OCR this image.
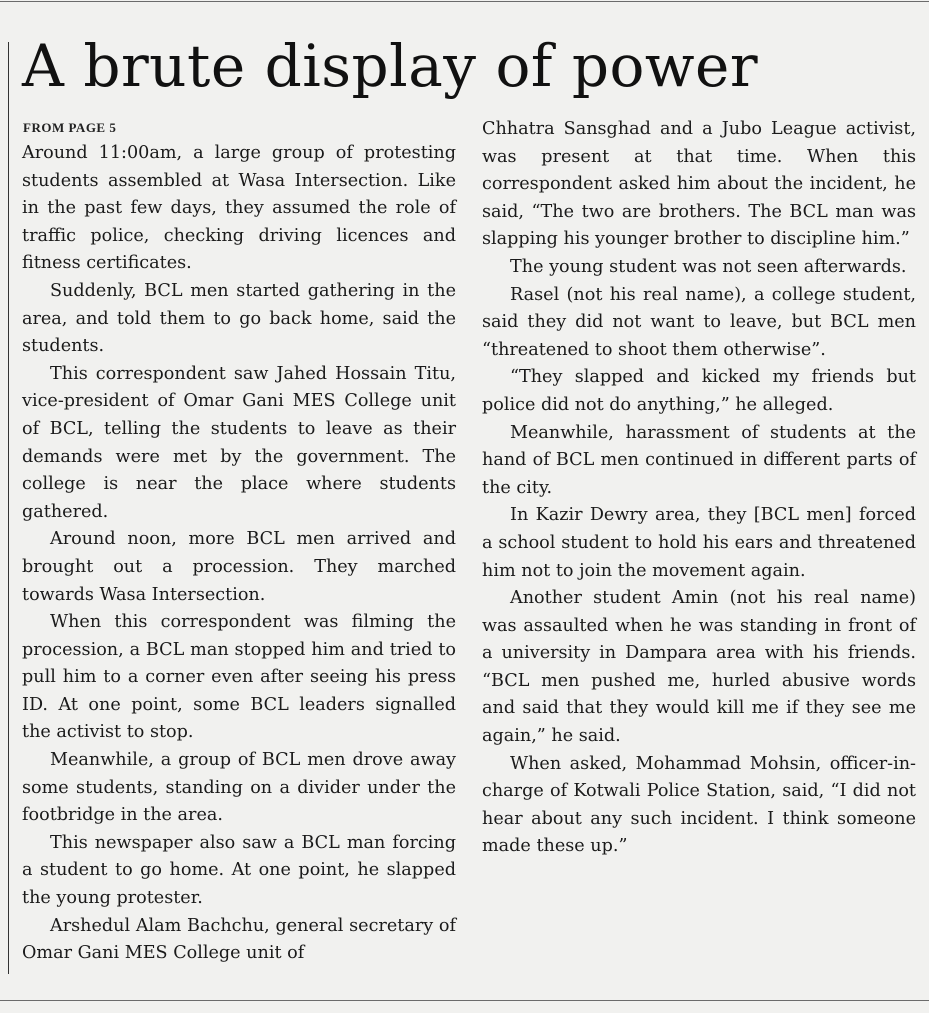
A brute display of power
FROM PAGE 5

Around 11:00am, a large group of protesting students assembled at Wasa Intersection. Like in the past few days, they assumed the role of traffic police, checking driving licences and fitness certificates.

Suddenly, BCL men started gathering in the area, and told them to go back home, said the students.

This correspondent saw Jahed Hossain Titu, vice-president of Omar Gani MES College unit of BCL, telling the students to leave as their demands were met by the government. The college is near the place where students gathered.

Around noon, more BCL men arrived and brought out a procession. They marched towards Wasa Intersection.

When this correspondent was filming the procession, a BCL man stopped him and tried to pull him to a corner even after seeing his press ID. At one point, some BCL leaders signalled the activist to stop.

Meanwhile, a group of BCL men drove away some students, standing on a divider under the footbridge in the area.

This newspaper also saw a BCL man forcing a student to go home. At one point, he slapped the young protester.

Arshedul Alam Bachchu, general secretary of Omar Gani MES College unit of

Chhatra Sansghad and a Jubo League activist, was present at that time. When this correspondent asked him about the incident, he said, “The two are brothers. The BCL man was slapping his younger brother to discipline him.”

The young student was not seen afterwards.

Rasel (not his real name), a college student, said they did not want to leave, but BCL men “threatened to shoot them otherwise”.

“They slapped and kicked my friends but police did not do anything,” he alleged.

Meanwhile, harassment of students at the hand of BCL men continued in different parts of the city.

In Kazir Dewry area, they [BCL men] forced a school student to hold his ears and threatened him not to join the movement again.

Another student Amin (not his real name) was assaulted when he was standing in front of a university in Dampara area with his friends. “BCL men pushed me, hurled abusive words and said that they would kill me if they see me again,” he said.

When asked, Mohammad Mohsin, officer-in-charge of Kotwali Police Station, said, “I did not hear about any such incident. I think someone made these up.”
